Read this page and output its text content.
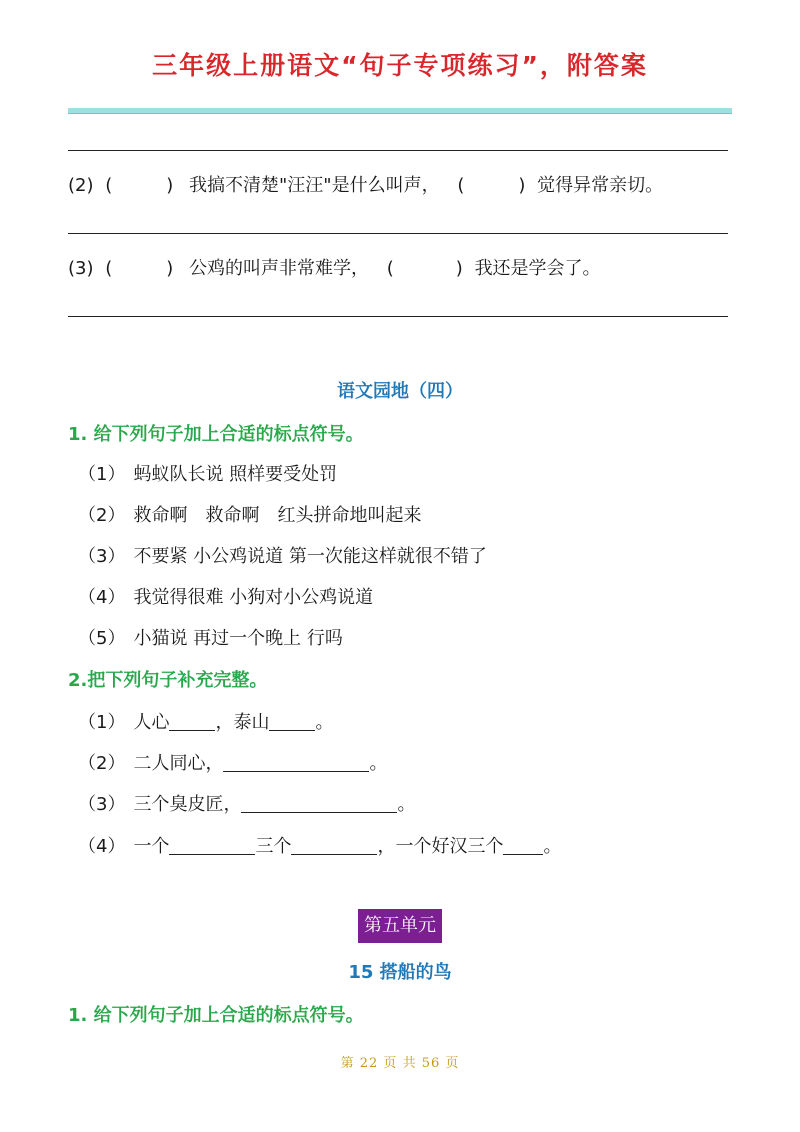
三年级上册语文“句子专项练习”，附答案
(2) (	) 我搞不清楚"汪汪"是什么叫声， (	) 觉得异常亲切。
(3) (	) 公鸡的叫声非常难学， (	) 我还是学会了。
语文园地（四）
1. 给下列句子加上合适的标点符号。
（1） 蚂蚁队长说 照样要受处罚
（2） 救命啊　救命啊　红头拼命地叫起来
（3） 不要紧 小公鸡说道 第一次能这样就很不错了
（4） 我觉得很难 小狗对小公鸡说道
（5） 小猫说 再过一个晚上 行吗
2.把下列句子补充完整。
（1） 人心	，泰山	。
（2） 二人同心，	。
（3） 三个臭皮匠，	。
（4） 一个	三个	，一个好汉三个 。
第五单元
15 搭船的鸟
1. 给下列句子加上合适的标点符号。
第 22 页 共 56 页
